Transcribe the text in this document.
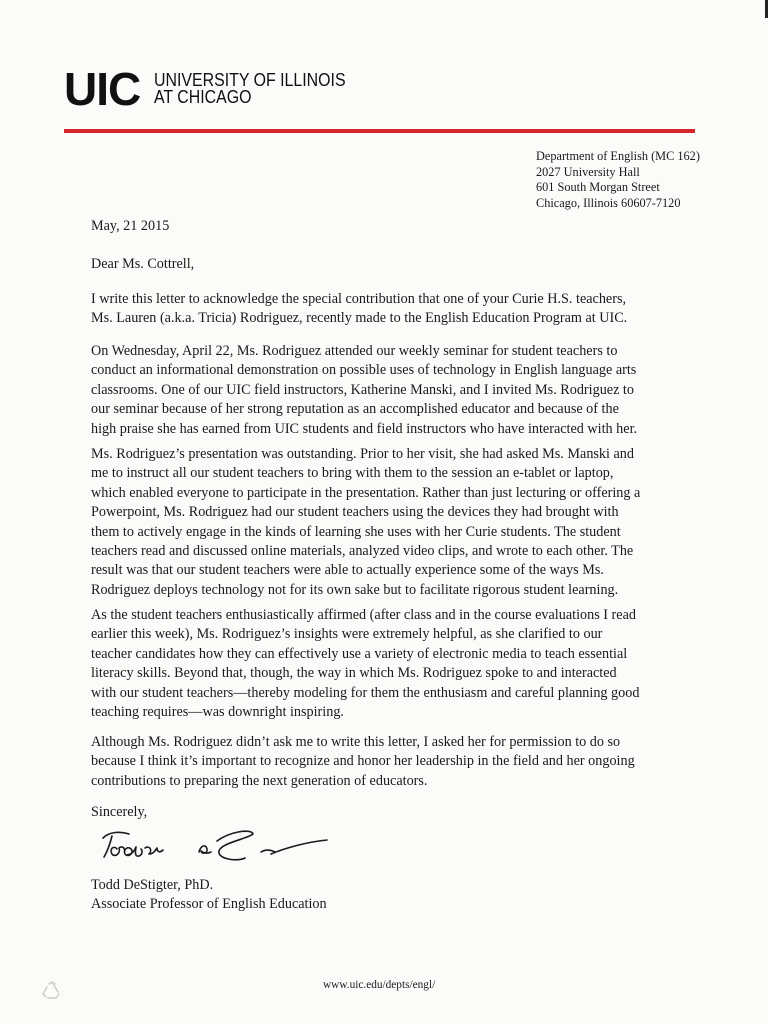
UIC UNIVERSITY OF ILLINOIS
AT CHICAGO
Department of English (MC 162)
2027 University Hall
601 South Morgan Street
Chicago, Illinois 60607-7120
May, 21 2015
Dear Ms. Cottrell,
I write this letter to acknowledge the special contribution that one of your Curie H.S. teachers,
Ms. Lauren (a.k.a. Tricia) Rodriguez, recently made to the English Education Program at UIC.
On Wednesday, April 22, Ms. Rodriguez attended our weekly seminar for student teachers to
conduct an informational demonstration on possible uses of technology in English language arts
classrooms. One of our UIC field instructors, Katherine Manski, and I invited Ms. Rodriguez to
our seminar because of her strong reputation as an accomplished educator and because of the
high praise she has earned from UIC students and field instructors who have interacted with her.
Ms. Rodriguez’s presentation was outstanding. Prior to her visit, she had asked Ms. Manski and
me to instruct all our student teachers to bring with them to the session an e-tablet or laptop,
which enabled everyone to participate in the presentation. Rather than just lecturing or offering a
Powerpoint, Ms. Rodriguez had our student teachers using the devices they had brought with
them to actively engage in the kinds of learning she uses with her Curie students. The student
teachers read and discussed online materials, analyzed video clips, and wrote to each other. The
result was that our student teachers were able to actually experience some of the ways Ms.
Rodriguez deploys technology not for its own sake but to facilitate rigorous student learning.
As the student teachers enthusiastically affirmed (after class and in the course evaluations I read
earlier this week), Ms. Rodriguez’s insights were extremely helpful, as she clarified to our
teacher candidates how they can effectively use a variety of electronic media to teach essential
literacy skills. Beyond that, though, the way in which Ms. Rodriguez spoke to and interacted
with our student teachers—thereby modeling for them the enthusiasm and careful planning good
teaching requires—was downright inspiring.
Although Ms. Rodriguez didn’t ask me to write this letter, I asked her for permission to do so
because I think it’s important to recognize and honor her leadership in the field and her ongoing
contributions to preparing the next generation of educators.
Sincerely,
Todd DeStigter, PhD.
Associate Professor of English Education
www.uic.edu/depts/engl/
